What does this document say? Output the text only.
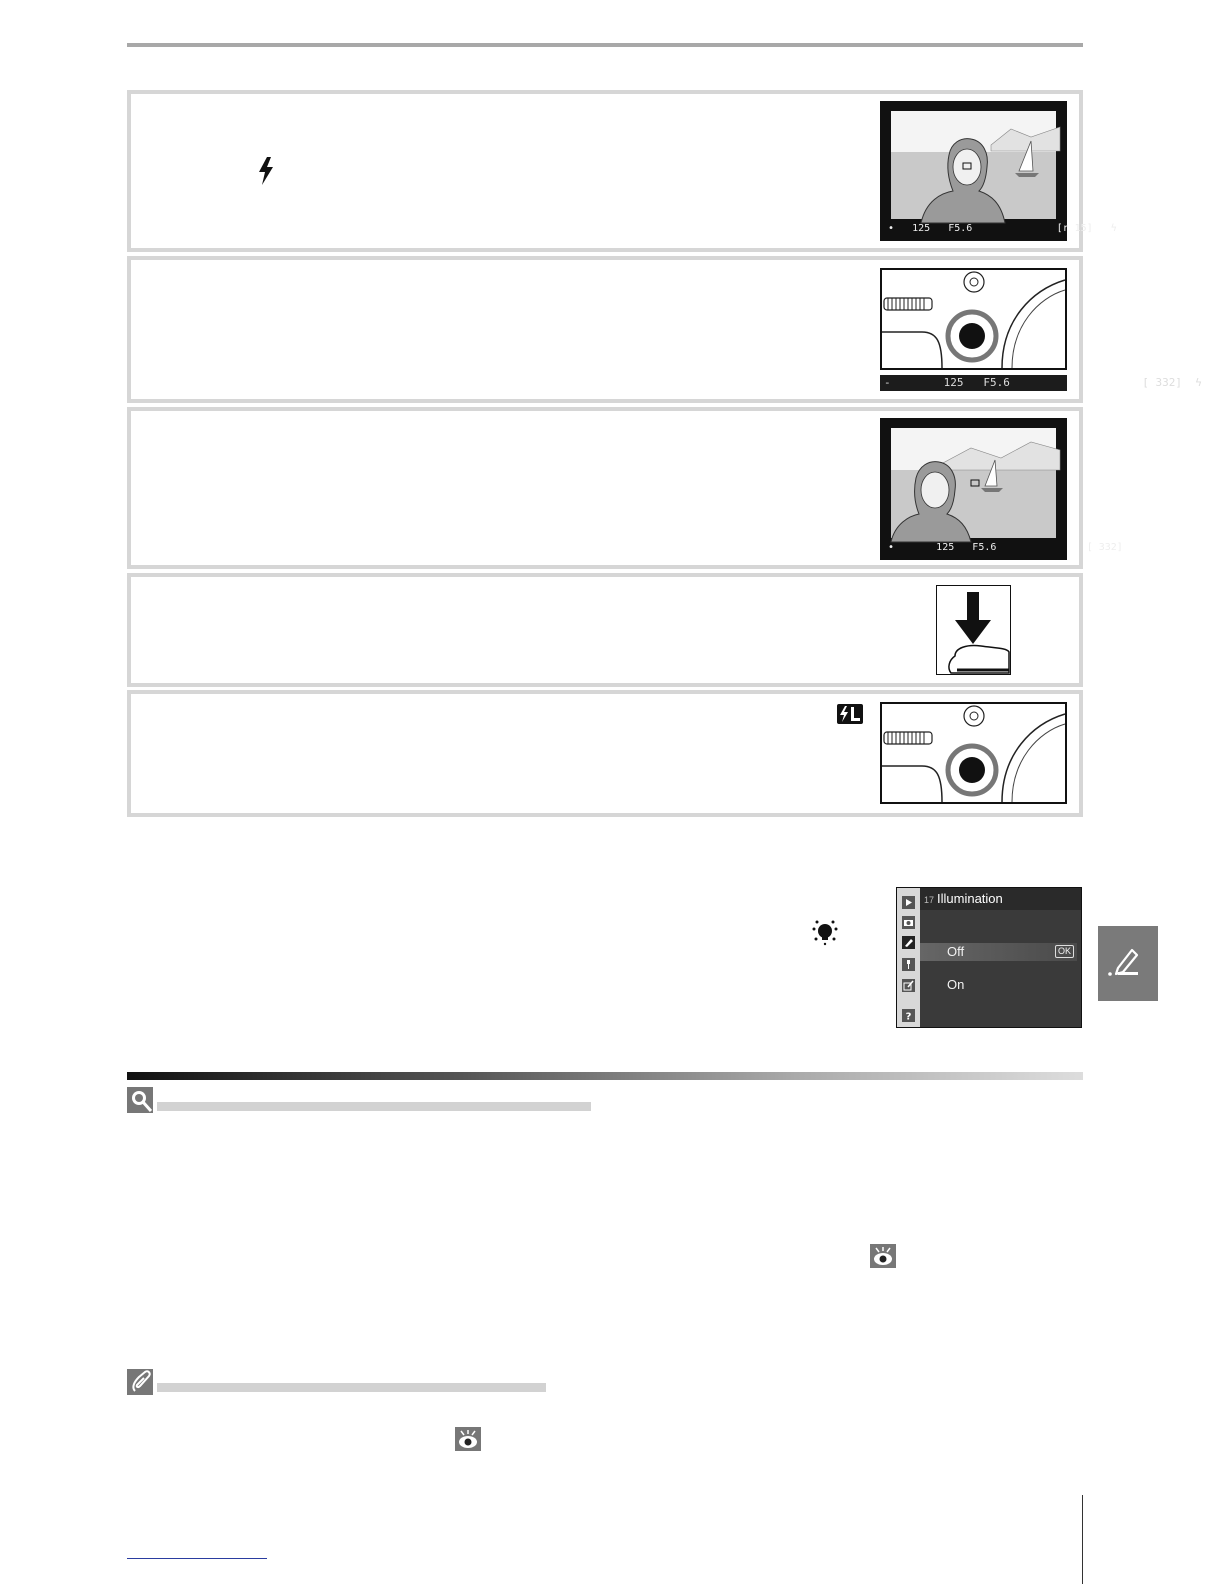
•   125   F5.6              [r 15]   ϟ
-        125   F5.6                    [ 332]  ϟ
•       125   F5.6               [ 332]
?
17 Illumination
Off	OK
On
